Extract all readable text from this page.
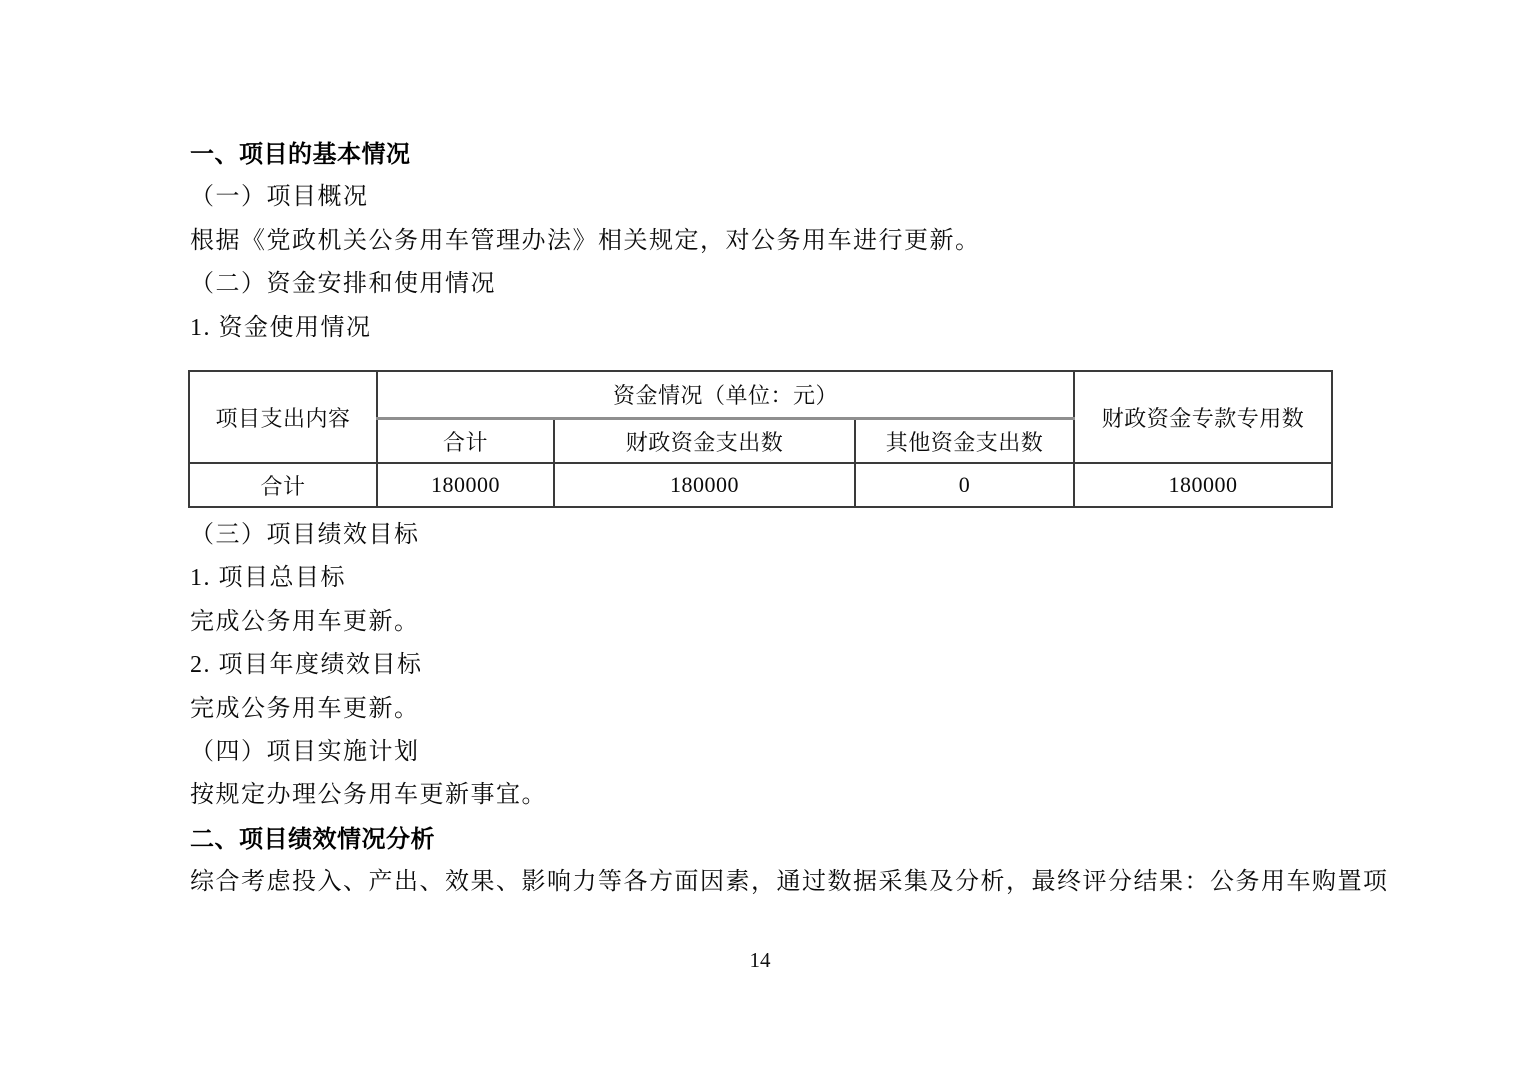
一、项目的基本情况

（一）项目概况

根据《党政机关公务用车管理办法》相关规定，对公务用车进行更新。

（二）资金安排和使用情况

1. 资金使用情况

项目支出内容	资金情况（单位：元）			财政资金专款专用数
	合计	财政资金支出数	其他资金支出数	
合计	180000	180000	0	180000

（三）项目绩效目标

1. 项目总目标

完成公务用车更新。

2. 项目年度绩效目标

完成公务用车更新。

（四）项目实施计划

按规定办理公务用车更新事宜。

二、项目绩效情况分析

综合考虑投入、产出、效果、影响力等各方面因素，通过数据采集及分析，最终评分结果：公务用车购置项

14
